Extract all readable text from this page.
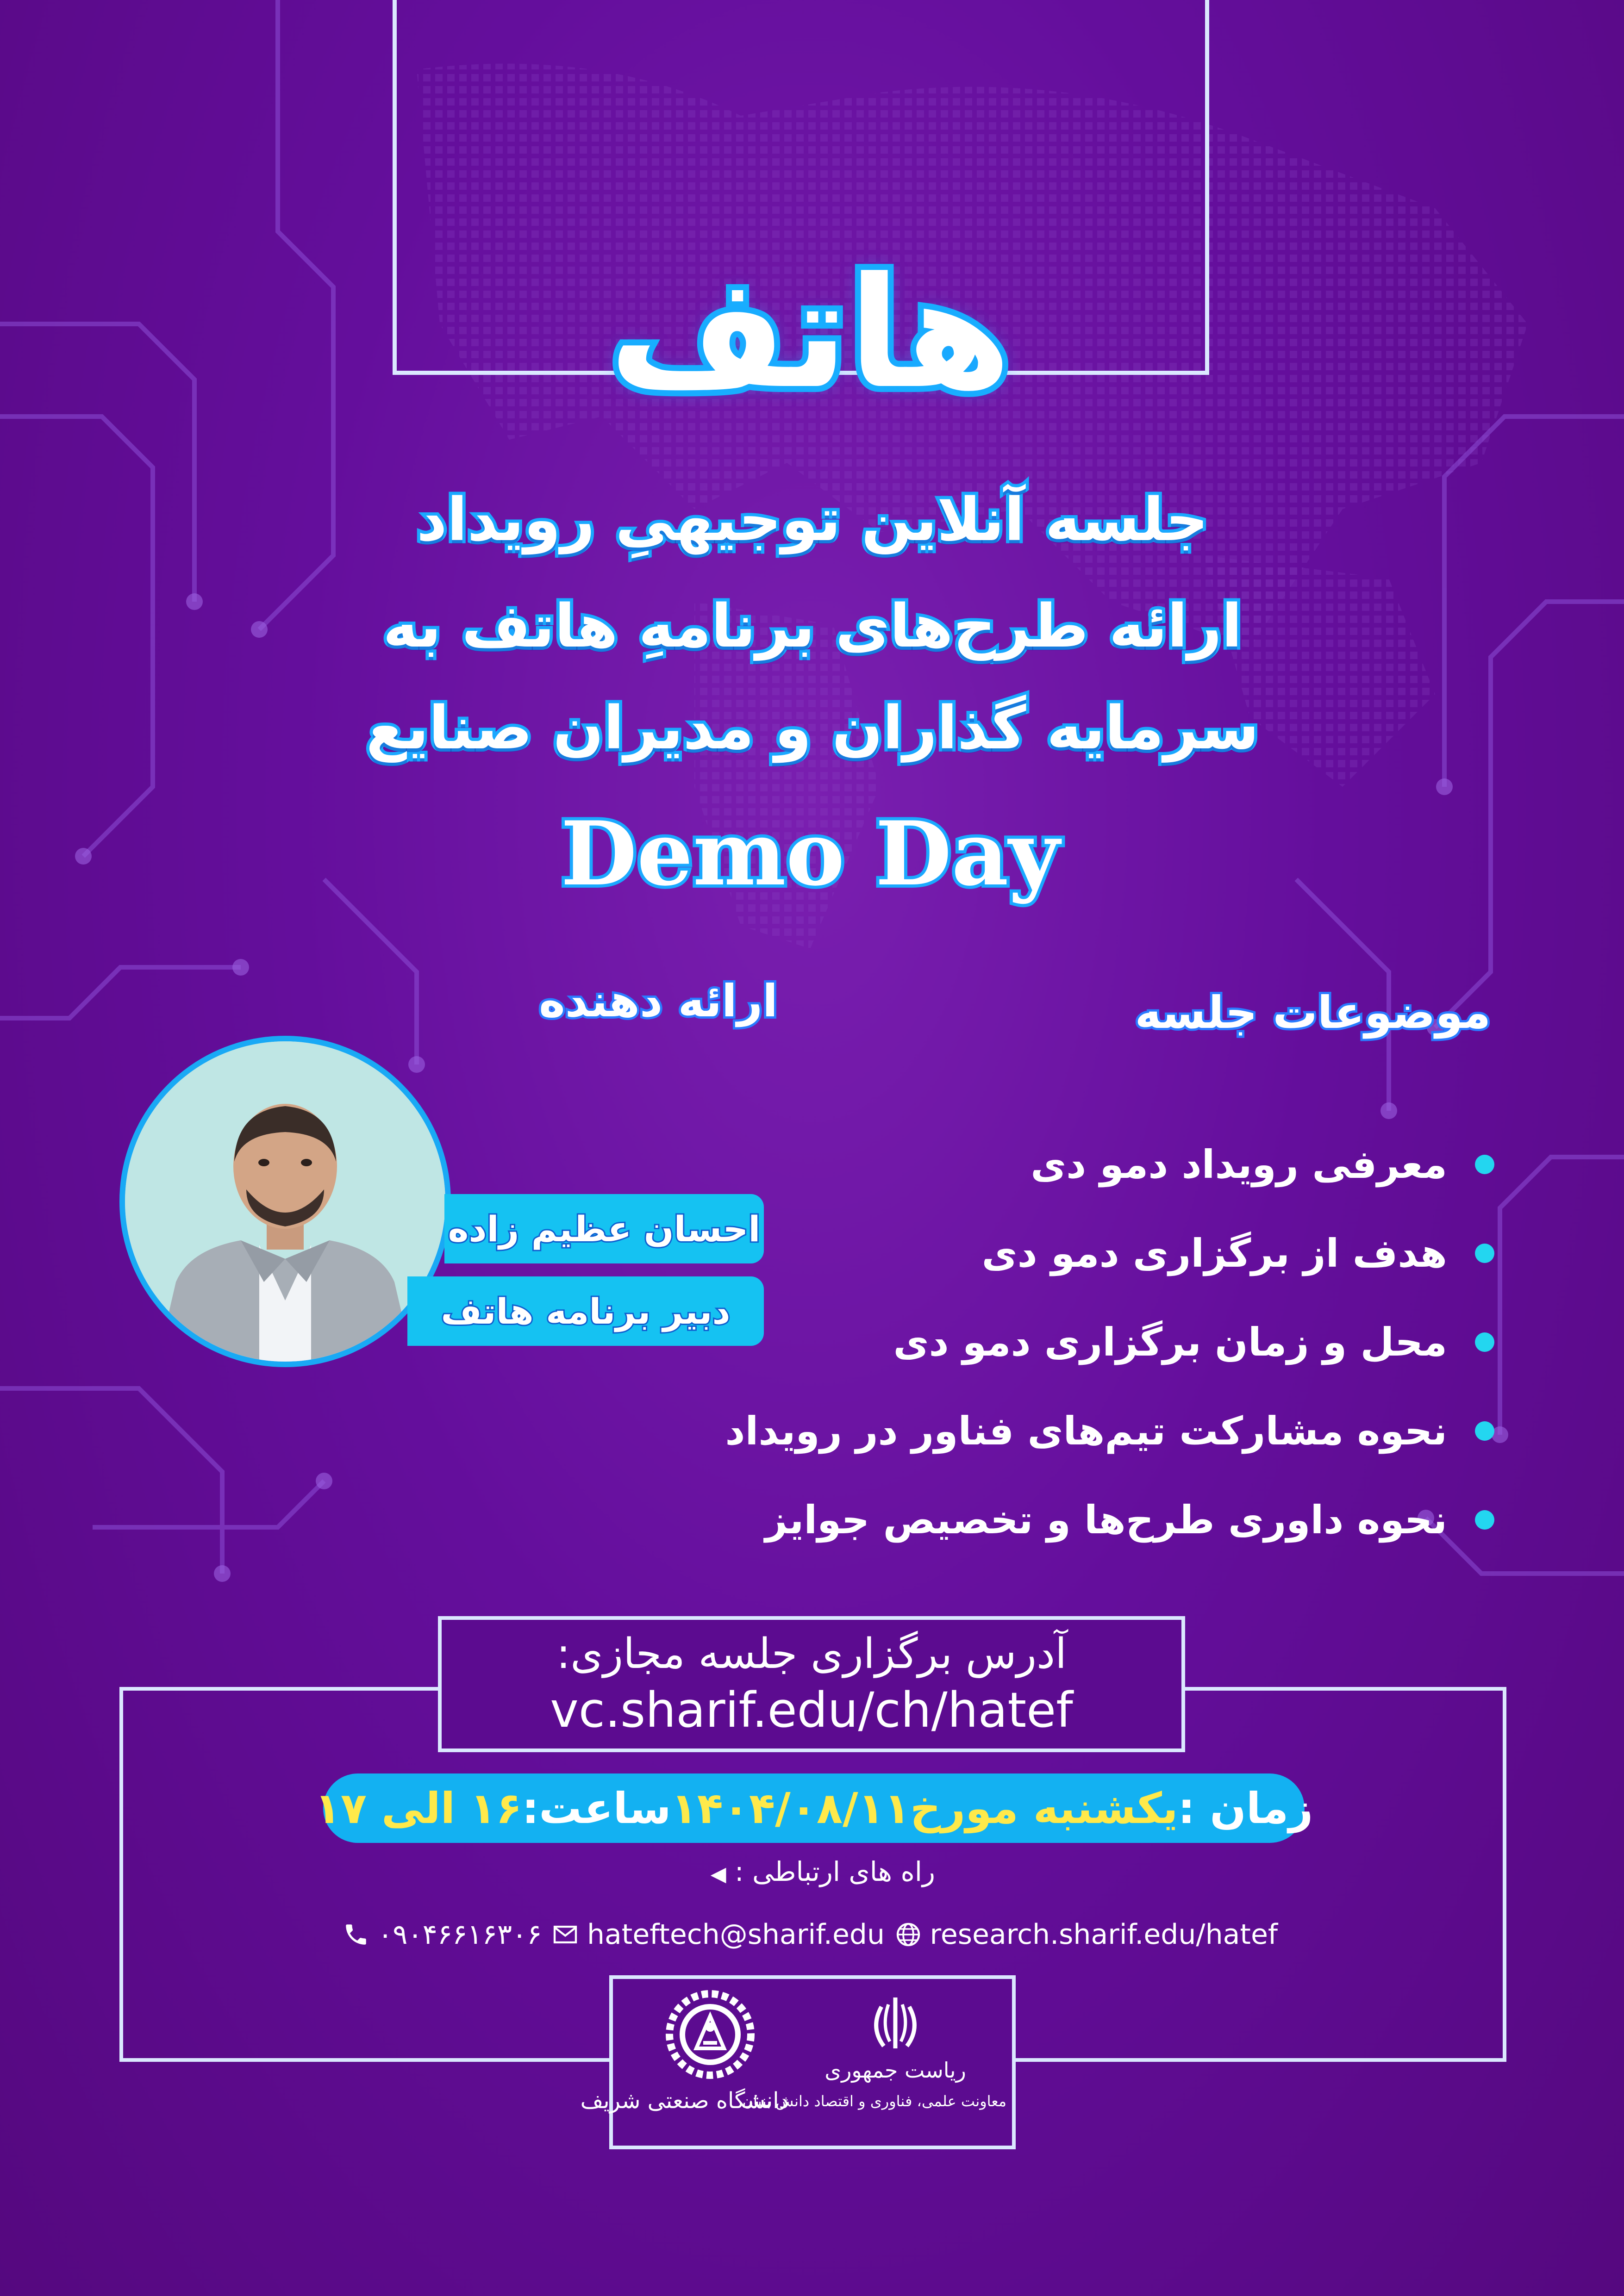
هاتف
جلسه آنلاین توجیهیِ رویداد
ارائه طرح‌های برنامهِ هاتف به
سرمایه گذاران و مدیران صنایع
Demo Day
ارائه دهنده
احسان عظیم زاده
دبیر برنامه هاتف
موضوعات جلسه
معرفی رویداد دمو دی
هدف از برگزاری دمو دی
محل و زمان برگزاری دمو دی
نحوه مشارکت تیم‌های فناور در رویداد
نحوه داوری طرح‌ها و تخصیص جوایز
آدرس برگزاری جلسه مجازی:
vc.sharif.edu/ch/hatef
زمان :
یکشنبه مورخ
۱۴۰۴/۰۸/۱۱
ساعت:
۱۶ الی ۱۷
راه های ارتباطی : ◀
۰۹۰۴۶۶۱۶۳۰۶ hateftech@sharif.edu research.sharif.edu/hatef
دانشگاه صنعتی شریف
ریاست جمهوری
معاونت علمی، فناوری و اقتصاد دانش بنیان
